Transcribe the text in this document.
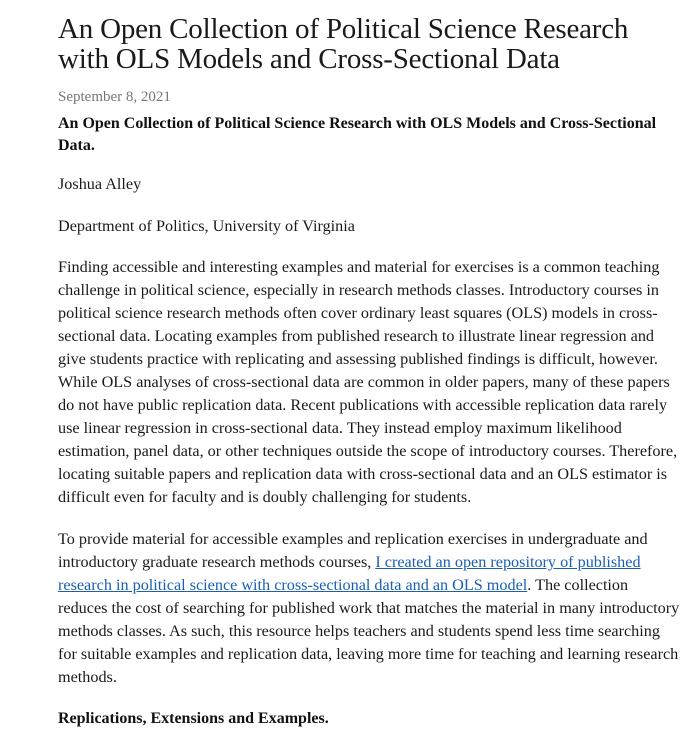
An Open Collection of Political Science Research with OLS Models and Cross-Sectional Data
September 8, 2021
An Open Collection of Political Science Research with OLS Models and Cross-Sectional Data.

Joshua Alley

Department of Politics, University of Virginia

Finding accessible and interesting examples and material for exercises is a common teaching challenge in political science, especially in research methods classes. Introductory courses in political science research methods often cover ordinary least squares (OLS) models in cross-sectional data. Locating examples from published research to illustrate linear regression and give students practice with replicating and assessing published findings is difficult, however. While OLS analyses of cross-sectional data are common in older papers, many of these papers do not have public replication data. Recent publications with accessible replication data rarely use linear regression in cross-sectional data. They instead employ maximum likelihood estimation, panel data, or other techniques outside the scope of introductory courses. Therefore, locating suitable papers and replication data with cross-sectional data and an OLS estimator is difficult even for faculty and is doubly challenging for students.

To provide material for accessible examples and replication exercises in undergraduate and introductory graduate research methods courses, I created an open repository of published research in political science with cross-sectional data and an OLS model. The collection reduces the cost of searching for published work that matches the material in many introductory methods classes. As such, this resource helps teachers and students spend less time searching for suitable examples and replication data, leaving more time for teaching and learning research methods.

Replications, Extensions and Examples.
